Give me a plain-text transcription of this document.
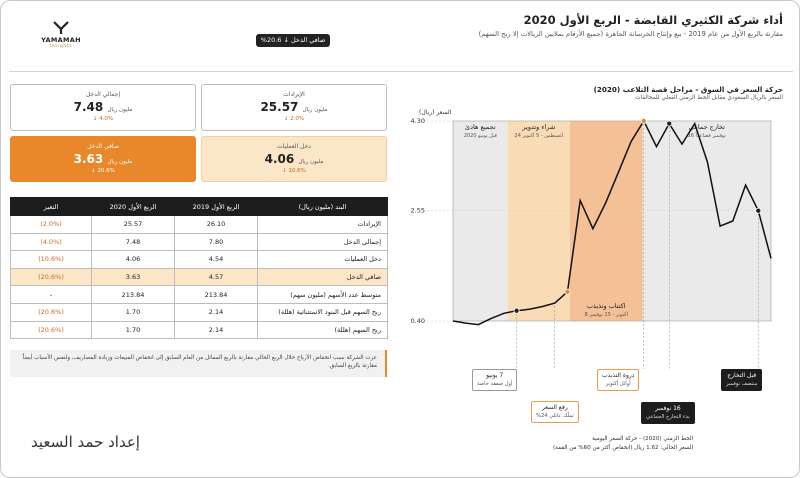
أداء شركة الكثيري القابضة - الربع الأول 2020
مقارنة بالربع الأول من عام 2019 - بيع وإنتاج الخرسانة الجاهزة (جميع الأرقام بملايين الريالات إلا ربح السهم)
صافي الدخل ↓ 20.6%
YAMAMAH
Insights
الإيرادات
مليون ريال 25.57
2.0% ↓
إجمالي الدخل
مليون ريال 7.48
4.0% ↓
دخل العمليات
مليون ريال 4.06
10.6% ↓
صافي الدخل
مليون ريال 3.63
20.6% ↓
البند (مليون ريال)	الربع الأول 2019	الربع الأول 2020	التغير
الإيرادات	26.10	25.57	(2.0%)
إجمالي الدخل	7.80	7.48	(4.0%)
دخل العمليات	4.54	4.06	(10.6%)
صافي الدخل	4.57	3.63	(20.6%)
متوسط عدد الأسهم (مليون سهم)	213.84	213.84	-
ربح السهم قبل البنود الاستثنائية (هللة)	2.14	1.70	(20.6%)
ربح السهم (هللة)	2.14	1.70	(20.6%)
عزت الشركة سبب انخفاض الأرباح خلال الربع الحالي مقارنة بالربع المماثل من العام السابق إلى انخفاض المبيعات وزيادة المصاريف، ولنفس الأسباب أيضاً مقارنة بالربع السابق.
إعداد حمد السعيد
حركة السعر في السوق - مراحل قصة التلاعب (2020)
السعر بالريال السعودي مقابل الخط الزمني الفعلي للمخالفات
السعر (ريال)
4.30
2.55
0.40
تجميع هادئ
قبل يونيو 2020
شراء وتدوير
24 أغسطس - 5 أكتوبر
اكتتاب وتذبذب
8 أكتوبر - 15 نوفمبر
تخارج جماعي
16 نوفمبر فصاعداً
7 يونيو
أول صفقة خاصة
رفع السعر
تملّك عائلي 24%
ذروة التذبذب
أوائل أكتوبر
16 نوفمبر
بدء التخارج الجماعي
قبل التخارج
منتصف نوفمبر
الخط الزمني (2020) - حركة السعر اليومية
السعر الحالي: 1.62 ريال (انخفاض أكثر من 60% من القمة)
